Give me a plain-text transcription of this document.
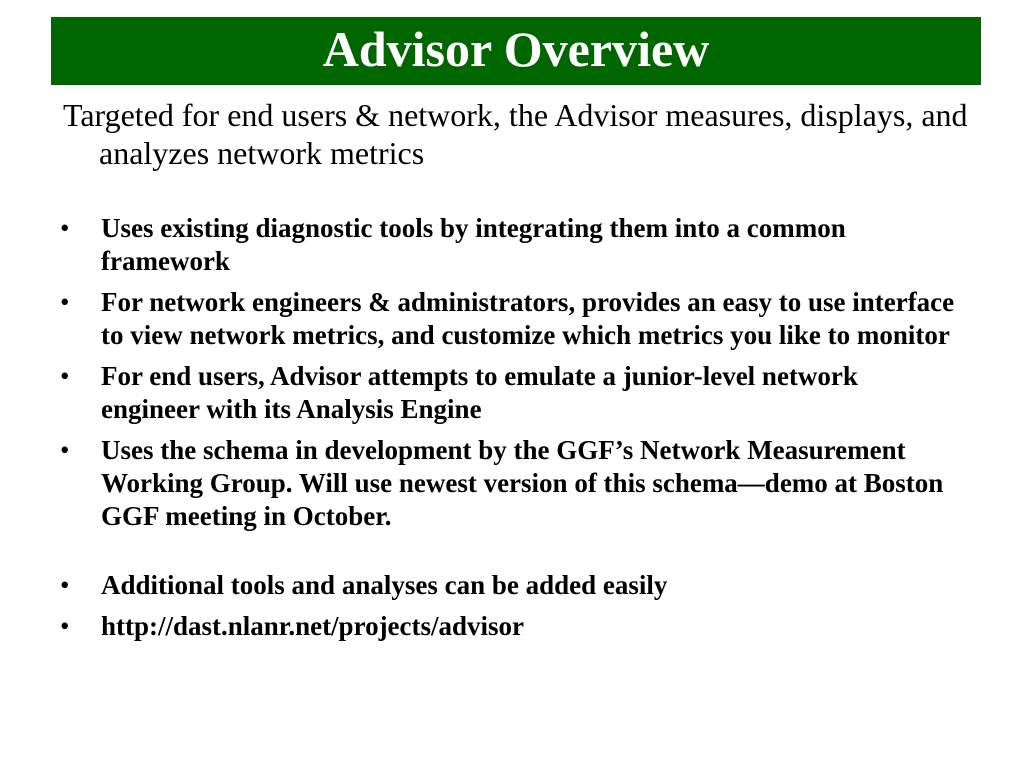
Advisor Overview
Targeted for end users & network, the Advisor measures, displays, and analyzes network metrics
• Uses existing diagnostic tools by integrating them into a common framework
• For network engineers & administrators, provides an easy to use interface to view network metrics, and customize which metrics you like to monitor
• For end users, Advisor attempts to emulate a junior-level network engineer with its Analysis Engine
• Uses the schema in development by the GGF’s Network Measurement Working Group. Will use newest version of this schema—demo at Boston GGF meeting in October.
• Additional tools and analyses can be added easily
• http://dast.nlanr.net/projects/advisor
